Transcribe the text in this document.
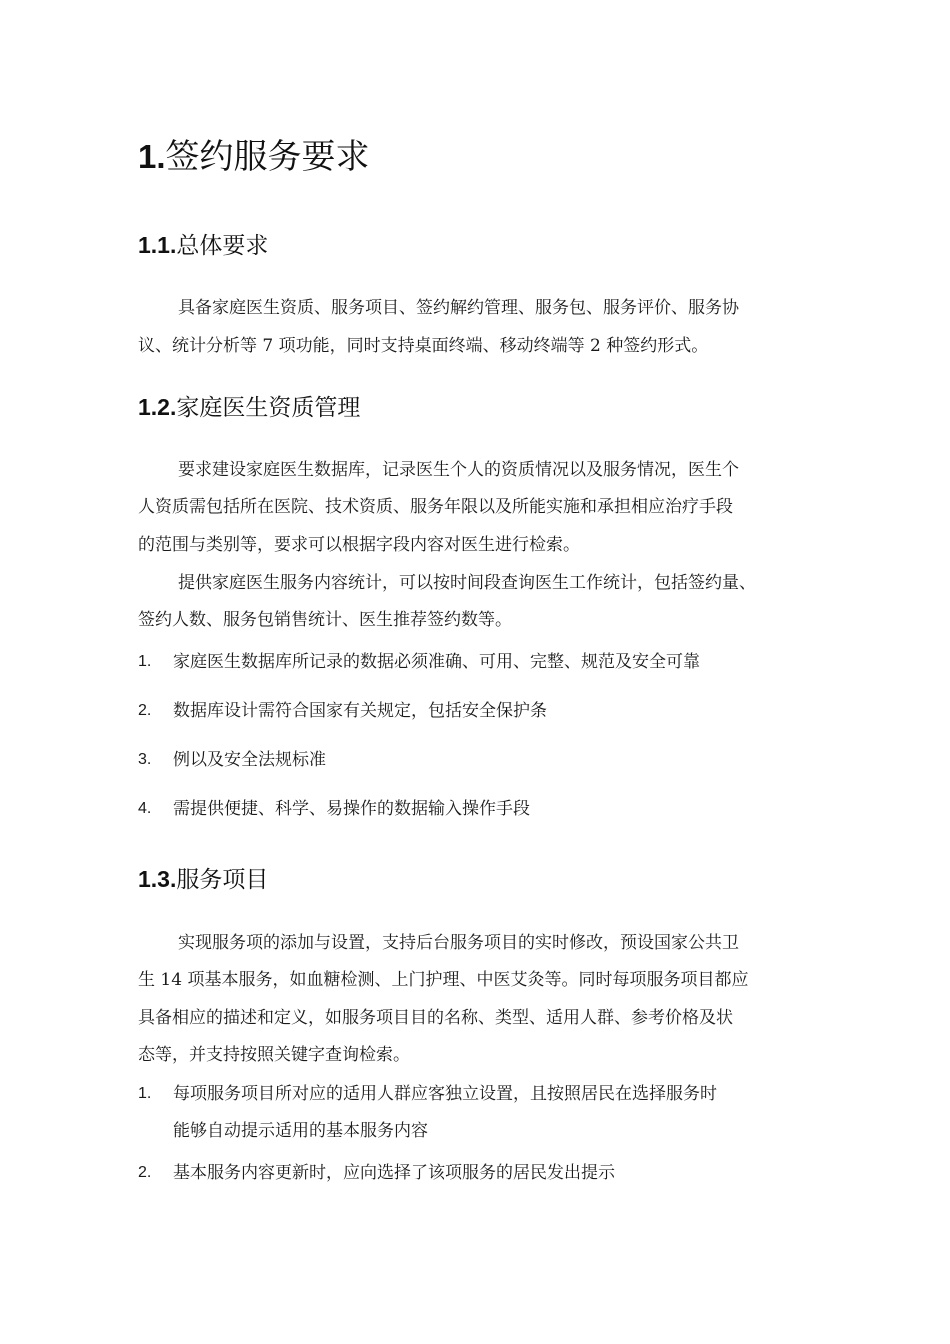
1.签约服务要求
1.1.总体要求
具备家庭医生资质、服务项目、签约解约管理、服务包、服务评价、服务协
议、统计分析等 7 项功能，同时支持桌面终端、移动终端等 2 种签约形式。
1.2.家庭医生资质管理
要求建设家庭医生数据库，记录医生个人的资质情况以及服务情况，医生个
人资质需包括所在医院、技术资质、服务年限以及所能实施和承担相应治疗手段
的范围与类别等，要求可以根据字段内容对医生进行检索。
提供家庭医生服务内容统计，可以按时间段查询医生工作统计，包括签约量、
签约人数、服务包销售统计、医生推荐签约数等。
1. 家庭医生数据库所记录的数据必须准确、可用、完整、规范及安全可靠
2. 数据库设计需符合国家有关规定，包括安全保护条
3. 例以及安全法规标准
4. 需提供便捷、科学、易操作的数据输入操作手段
1.3.服务项目
实现服务项的添加与设置，支持后台服务项目的实时修改，预设国家公共卫
生 14 项基本服务，如血糖检测、上门护理、中医艾灸等。同时每项服务项目都应
具备相应的描述和定义，如服务项目目的名称、类型、适用人群、参考价格及状
态等，并支持按照关键字查询检索。
1. 每项服务项目所对应的适用人群应客独立设置，且按照居民在选择服务时
能够自动提示适用的基本服务内容
2. 基本服务内容更新时，应向选择了该项服务的居民发出提示
